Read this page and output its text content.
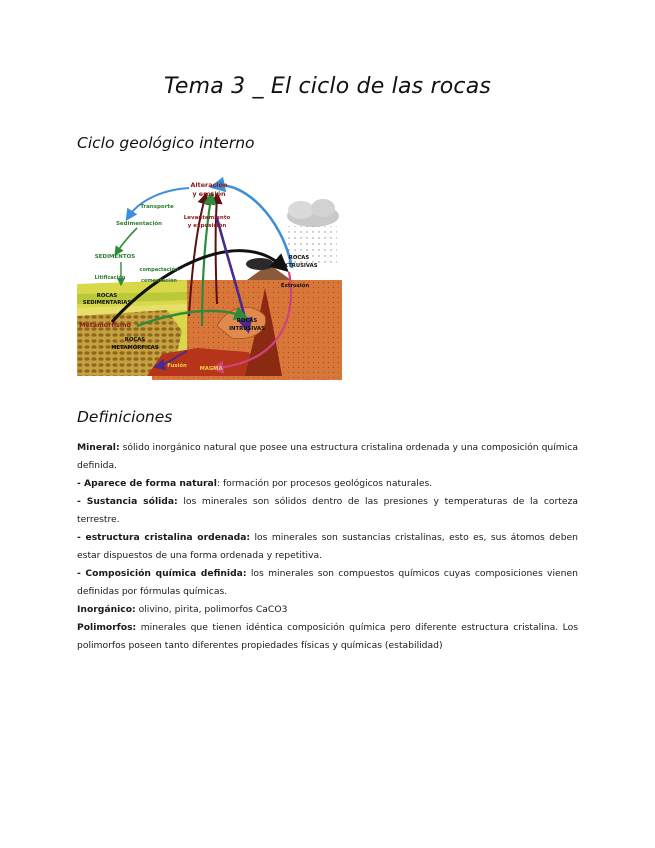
Tema 3 _ El ciclo de las rocas
Ciclo geológico interno
Alteración
y erosión
Transporte
Sedimentación
Levantamiento
y exposición
SEDIMENTOS
compactación
Litificación	cementación
ROCAS
SEDIMENTARIAS
ROCAS
EXTRUSIVAS
Extrusión
Metamorfismo	ROCAS
INTRUSIVAS
ROCAS
METAMÓRFICAS
Fusión MAGMA
Definiciones

Mineral: sólido inorgánico natural que posee una estructura cristalina ordenada y una composición química definida.

- Aparece de forma natural: formación por procesos geológicos naturales.

- Sustancia sólida: los minerales son sólidos dentro de las presiones y temperaturas de la corteza terrestre.

- estructura cristalina ordenada: los minerales son sustancias cristalinas, esto es, sus átomos deben estar dispuestos de una forma ordenada y repetitiva.

- Composición química definida: los minerales son compuestos químicos cuyas composiciones vienen definidas por fórmulas químicas.

Inorgánico: olivino, pirita, polimorfos CaCO3

Polimorfos: minerales que tienen idéntica composición química pero diferente estructura cristalina. Los polimorfos poseen tanto diferentes propiedades físicas y químicas (estabilidad)
